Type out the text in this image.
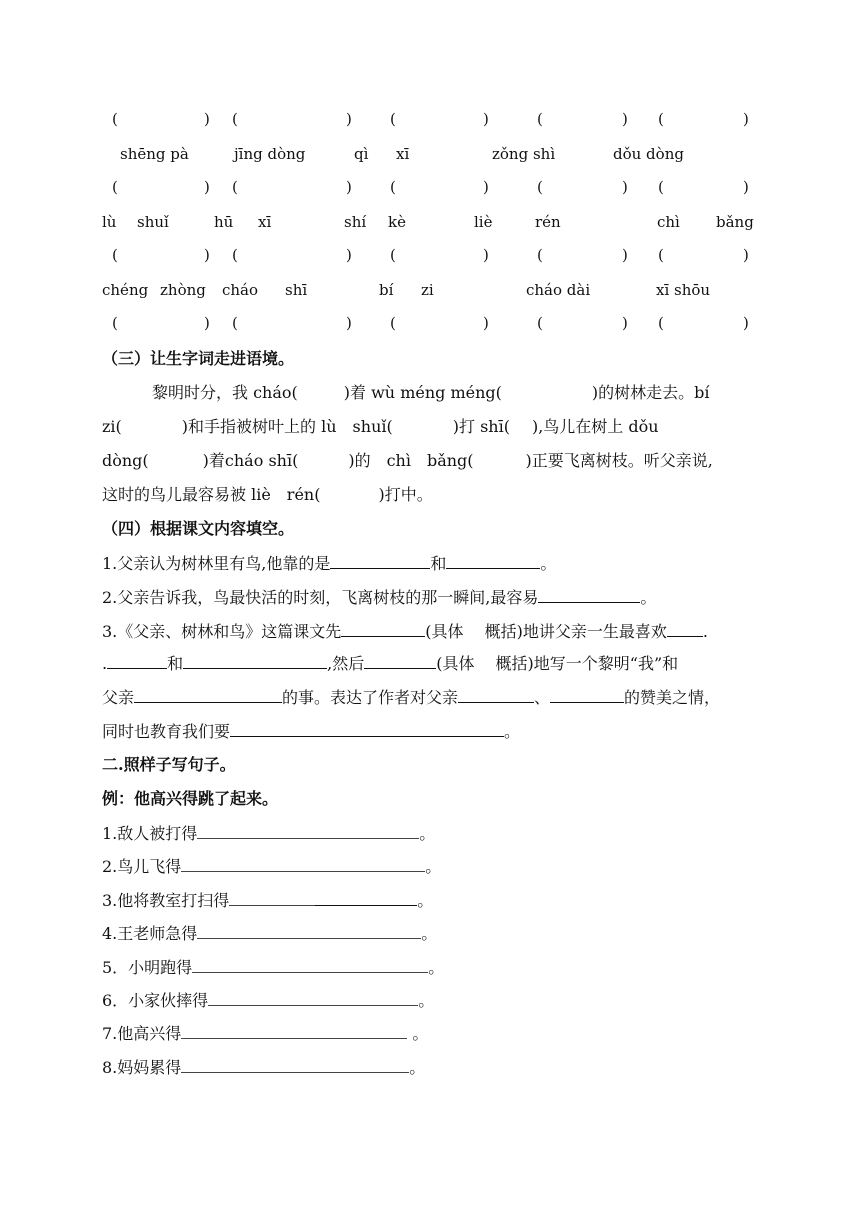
(	) (	)	(	)	(	) (	)
shēng pà	jīng dòng	qì xī	zǒng shì	dǒu dòng
(	) (	)	(	)	(	) (	)
lù shuǐ	hū xī	shí kè	liè	rén	chì bǎng
(	) (	)	(	)	(	) (	)
chéng zhòng cháo shī	bí zi	cháo dài	xī shōu
(	) (	)	(	)	(	) (	)
（三）让生字词走进语境。
黎明时分，我 cháo(	)着 wù méng méng(	)的树林走去。bí
zi(	)和手指被树叶上的 lù　shuǐ(	)打 shī( ),鸟儿在树上 dǒu
dòng(	)着cháo shī(	)的　chì　bǎng(	)正要飞离树枝。听父亲说,
这时的鸟儿最容易被 liè　rén(	)打中。
（四）根据课文内容填空。
1.父亲认为树林里有鸟,他靠的是	和	。
2.父亲告诉我，鸟最快活的时刻，飞离树枝的那一瞬间,最容易	。
3.《父亲、树林和鸟》这篇课文先	(具体　 概括)地讲父亲一生最喜欢 .
.	和	,然后	(具体　 概括)地写一个黎明“我”和
父亲	的事。表达了作者对父亲	、	的赞美之情，
同时也教育我们要	。
二.照样子写句子。
例：他高兴得跳了起来。
1.敌人被打得	。
2.鸟儿飞得	。
3.他将教室打扫得	。
4.王老师急得	。
5．小明跑得	。
6．小家伙摔得	。
7.他高兴得	。
8.妈妈累得	。
